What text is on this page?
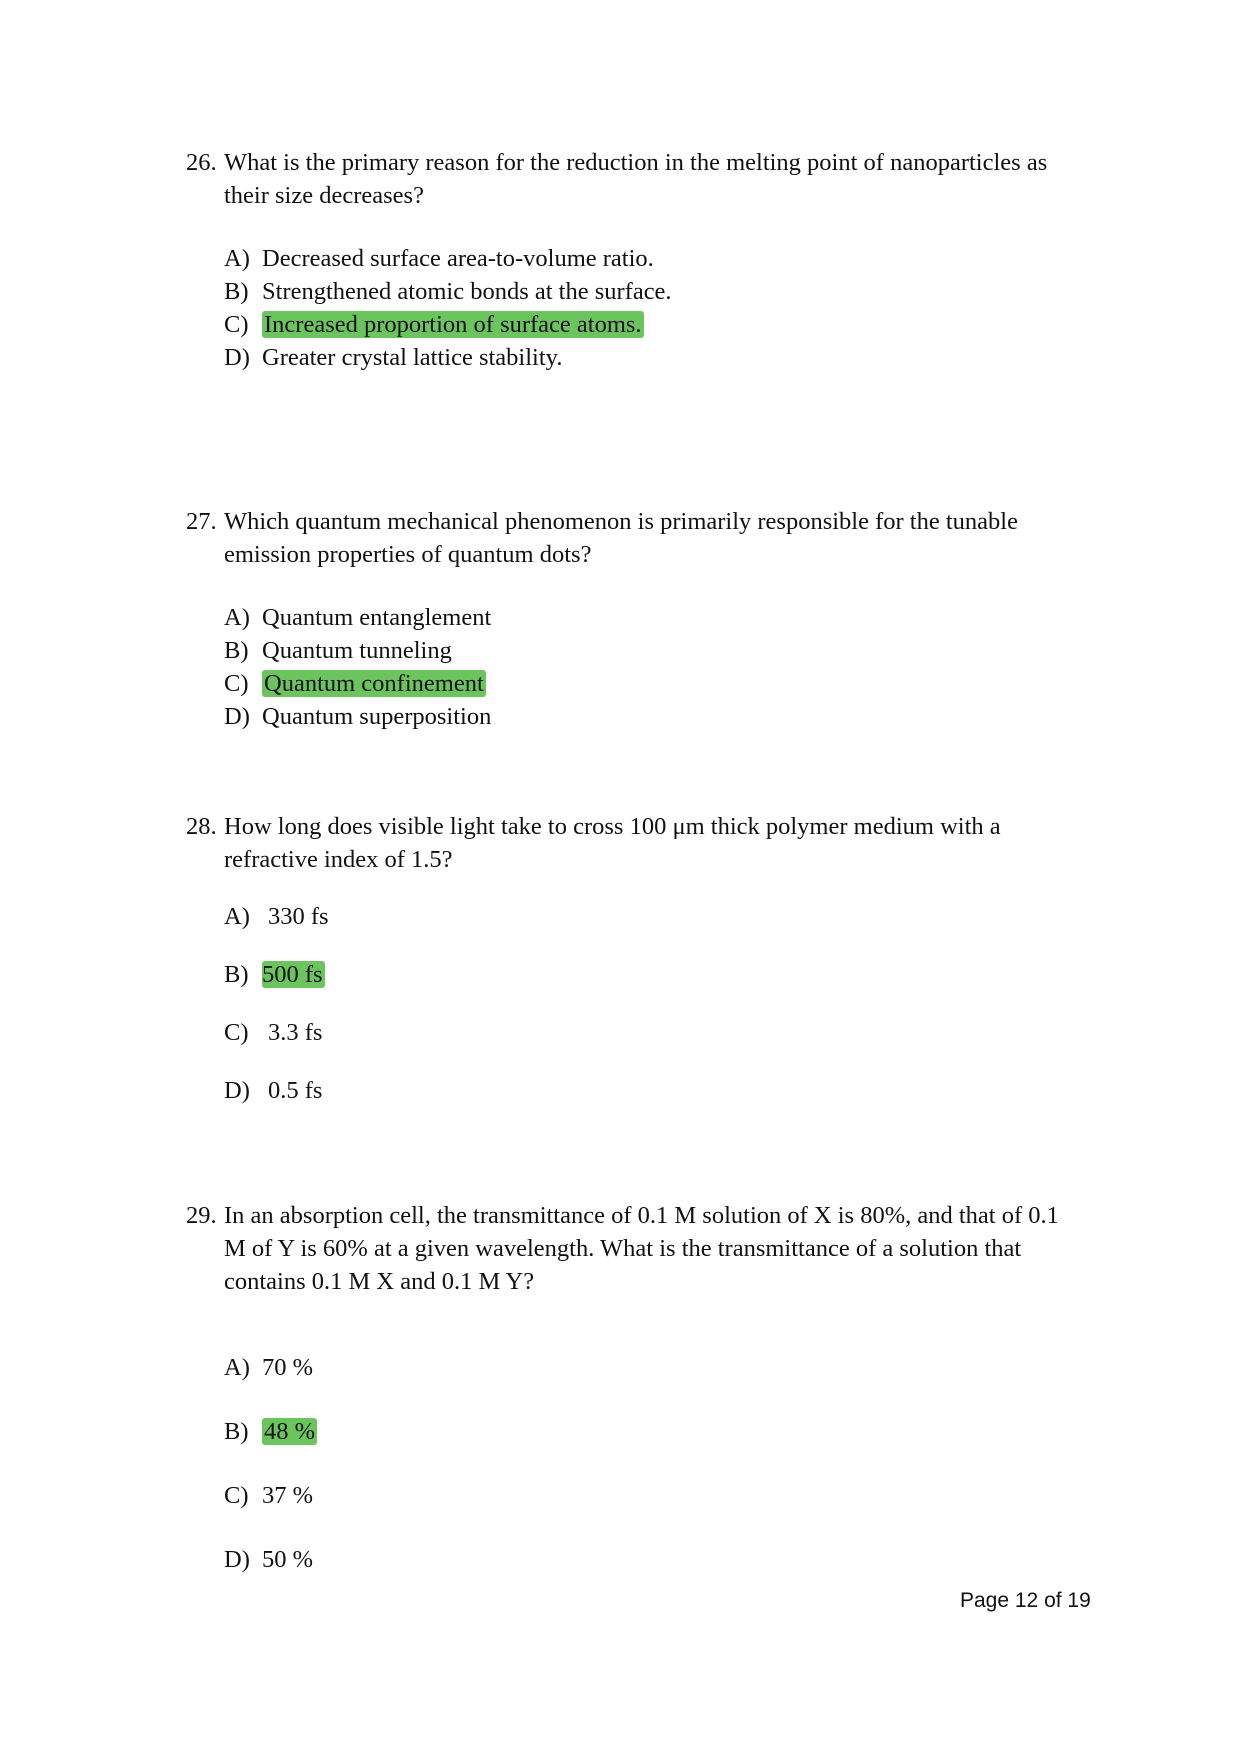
26. What is the primary reason for the reduction in the melting point of nanoparticles as their size decreases?

A) Decreased surface area-to-volume ratio.
B) Strengthened atomic bonds at the surface.
C) Increased proportion of surface atoms.
D) Greater crystal lattice stability.

27. Which quantum mechanical phenomenon is primarily responsible for the tunable emission properties of quantum dots?

A) Quantum entanglement
B) Quantum tunneling
C) Quantum confinement
D) Quantum superposition

28. How long does visible light take to cross 100 μm thick polymer medium with a refractive index of 1.5?

A) 330 fs
B) 500 fs
C) 3.3 fs
D) 0.5 fs

29. In an absorption cell, the transmittance of 0.1 M solution of X is 80%, and that of 0.1 M of Y is 60% at a given wavelength. What is the transmittance of a solution that contains 0.1 M X and 0.1 M Y?

A) 70 %
B) 48 %
C) 37 %
D) 50 %
Page 12 of 19
